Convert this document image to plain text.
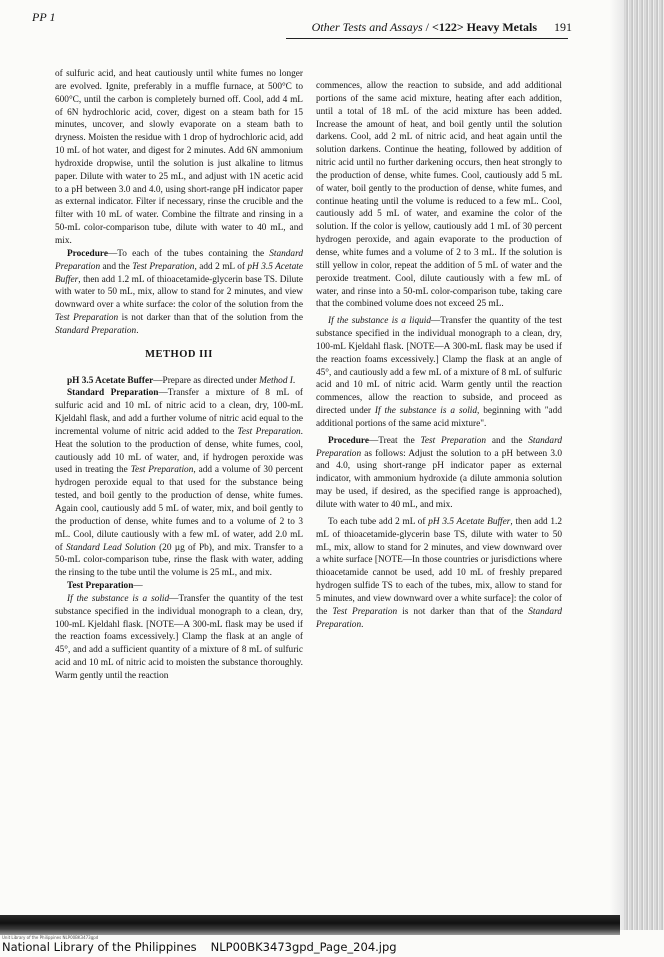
PP 1
Other Tests and Assays / <122> Heavy Metals 191

of sulfuric acid, and heat cautiously until white fumes no longer are evolved. Ignite, preferably in a muffle furnace, at 500°C to 600°C, until the carbon is completely burned off. Cool, add 4 mL of 6N hydrochloric acid, cover, digest on a steam bath for 15 minutes, uncover, and slowly evaporate on a steam bath to dryness. Moisten the residue with 1 drop of hydrochloric acid, add 10 mL of hot water, and digest for 2 minutes. Add 6N ammonium hydroxide dropwise, until the solution is just alkaline to litmus paper. Dilute with water to 25 mL, and adjust with 1N acetic acid to a pH between 3.0 and 4.0, using short-range pH indicator paper as external indicator. Filter if necessary, rinse the crucible and the filter with 10 mL of water. Combine the filtrate and rinsing in a 50-mL color-comparison tube, dilute with water to 40 mL, and mix.

Procedure—To each of the tubes containing the Standard Preparation and the Test Preparation, add 2 mL of pH 3.5 Acetate Buffer, then add 1.2 mL of thioacetamide-glycerin base TS. Dilute with water to 50 mL, mix, allow to stand for 2 minutes, and view downward over a white surface: the color of the solution from the Test Preparation is not darker than that of the solution from the Standard Preparation.

METHOD III

pH 3.5 Acetate Buffer—Prepare as directed under Method I.

Standard Preparation—Transfer a mixture of 8 mL of sulfuric acid and 10 mL of nitric acid to a clean, dry, 100-mL Kjeldahl flask, and add a further volume of nitric acid equal to the incremental volume of nitric acid added to the Test Preparation. Heat the solution to the production of dense, white fumes, cool, cautiously add 10 mL of water, and, if hydrogen peroxide was used in treating the Test Preparation, add a volume of 30 percent hydrogen peroxide equal to that used for the substance being tested, and boil gently to the production of dense, white fumes. Again cool, cautiously add 5 mL of water, mix, and boil gently to the production of dense, white fumes and to a volume of 2 to 3 mL. Cool, dilute cautiously with a few mL of water, add 2.0 mL of Standard Lead Solution (20 µg of Pb), and mix. Transfer to a 50-mL color-comparison tube, rinse the flask with water, adding the rinsing to the tube until the volume is 25 mL, and mix.

Test Preparation—

If the substance is a solid—Transfer the quantity of the test substance specified in the individual monograph to a clean, dry, 100-mL Kjeldahl flask. [NOTE—A 300-mL flask may be used if the reaction foams excessively.] Clamp the flask at an angle of 45°, and add a sufficient quantity of a mixture of 8 mL of sulfuric acid and 10 mL of nitric acid to moisten the substance thoroughly. Warm gently until the reaction

commences, allow the reaction to subside, and add additional portions of the same acid mixture, heating after each addition, until a total of 18 mL of the acid mixture has been added. Increase the amount of heat, and boil gently until the solution darkens. Cool, add 2 mL of nitric acid, and heat again until the solution darkens. Continue the heating, followed by addition of nitric acid until no further darkening occurs, then heat strongly to the production of dense, white fumes. Cool, cautiously add 5 mL of water, boil gently to the production of dense, white fumes, and continue heating until the volume is reduced to a few mL. Cool, cautiously add 5 mL of water, and examine the color of the solution. If the color is yellow, cautiously add 1 mL of 30 percent hydrogen peroxide, and again evaporate to the production of dense, white fumes and a volume of 2 to 3 mL. If the solution is still yellow in color, repeat the addition of 5 mL of water and the peroxide treatment. Cool, dilute cautiously with a few mL of water, and rinse into a 50-mL color-comparison tube, taking care that the combined volume does not exceed 25 mL.

If the substance is a liquid—Transfer the quantity of the test substance specified in the individual monograph to a clean, dry, 100-mL Kjeldahl flask. [NOTE—A 300-mL flask may be used if the reaction foams excessively.] Clamp the flask at an angle of 45°, and cautiously add a few mL of a mixture of 8 mL of sulfuric acid and 10 mL of nitric acid. Warm gently until the reaction commences, allow the reaction to subside, and proceed as directed under If the substance is a solid, beginning with "add additional portions of the same acid mixture".

Procedure—Treat the Test Preparation and the Standard Preparation as follows: Adjust the solution to a pH between 3.0 and 4.0, using short-range pH indicator paper as external indicator, with ammonium hydroxide (a dilute ammonia solution may be used, if desired, as the specified range is approached), dilute with water to 40 mL, and mix.

To each tube add 2 mL of pH 3.5 Acetate Buffer, then add 1.2 mL of thioacetamide-glycerin base TS, dilute with water to 50 mL, mix, allow to stand for 2 minutes, and view downward over a white surface [NOTE—In those countries or jurisdictions where thioacetamide cannot be used, add 10 mL of freshly prepared hydrogen sulfide TS to each of the tubes, mix, allow to stand for 5 minutes, and view downward over a white surface]: the color of the Test Preparation is not darker than that of the Standard Preparation.

Unit Library of the Philippines NLP00BK3473gpd
National Library of the Philippines NLP00BK3473gpd_Page_204.jpg
